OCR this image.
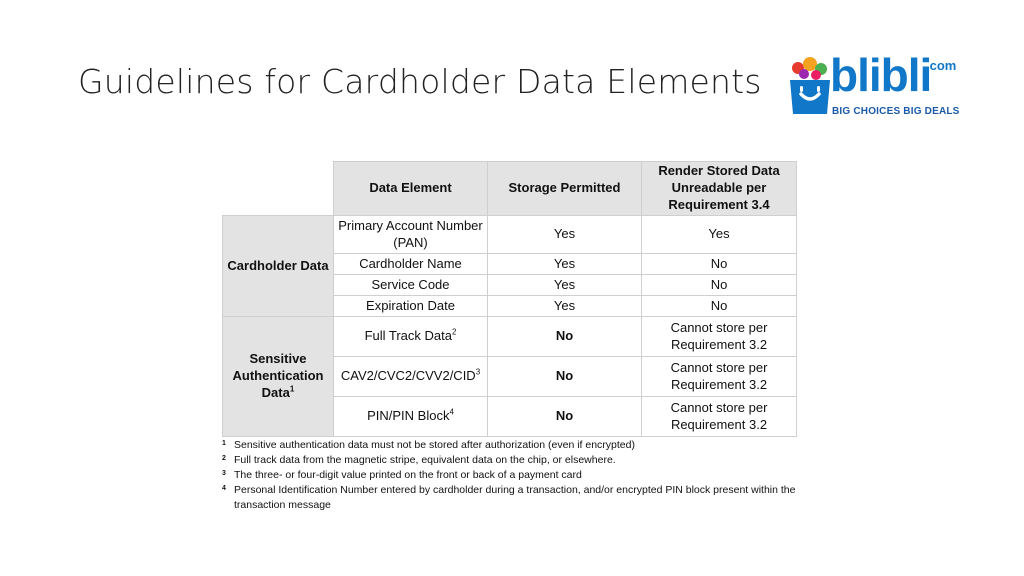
Guidelines for Cardholder Data Elements blibli
.com
BIG CHOICES BIG DEALS
	Data Element	Storage Permitted	Render Stored Data Unreadable per Requirement 3.4
Cardholder Data	Primary Account Number (PAN)	Yes	Yes
	Cardholder Name	Yes	No
	Service Code	Yes	No
	Expiration Date	Yes	No
Sensitive Authentication Data$^1$	Full Track Data$^2$	No	Cannot store per Requirement 3.2
	CAV2/CVC2/CVV2/CID$^3$	No	Cannot store per Requirement 3.2
	PIN/PIN Block$^4$	No	Cannot store per Requirement 3.2
1 Sensitive authentication data must not be stored after authorization (even if encrypted)
2 Full track data from the magnetic stripe, equivalent data on the chip, or elsewhere.
3 The three- or four-digit value printed on the front or back of a payment card
4 Personal Identification Number entered by cardholder during a transaction, and/or encrypted PIN block present within the transaction message
